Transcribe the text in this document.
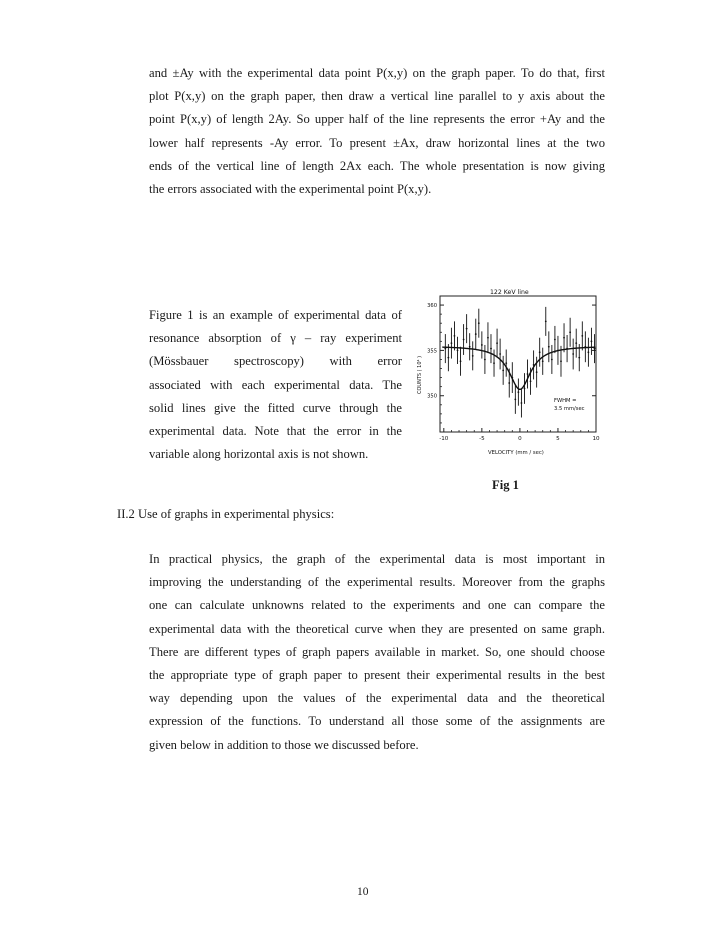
and ±Ay with the experimental data point P(x,y) on the graph paper. To do that, first
plot P(x,y) on the graph paper, then draw a vertical line parallel to y axis about the
point P(x,y) of length 2Ay. So upper half of the line represents the error +Ay and the
lower half represents -Ay error. To present ±Ax, draw horizontal lines at the two
ends of the vertical line of length 2Ax each. The whole presentation is now giving
the errors associated with the experimental point P(x,y).
Figure 1 is an example of experimental data of
resonance absorption of γ – ray experiment
(Mössbauer spectroscopy) with error
associated with each experimental data. The
solid lines give the fitted curve through the
experimental data. Note that the error in the
variable along horizontal axis is not shown.
350
355
360
-10	-5	0	5	10
122 KeV line
FWHM =
3.5 mm/sec
COUNTS ( 10⁴ )
VELOCITY (mm / sec)
Fig 1
II.2 Use of graphs in experimental physics:
In practical physics, the graph of the experimental data is most important in
improving the understanding of the experimental results. Moreover from the graphs
one can calculate unknowns related to the experiments and one can compare the
experimental data with the theoretical curve when they are presented on same graph.
There are different types of graph papers available in market. So, one should choose
the appropriate type of graph paper to present their experimental results in the best
way depending upon the values of the experimental data and the theoretical
expression of the functions. To understand all those some of the assignments are
given below in addition to those we discussed before.
10
